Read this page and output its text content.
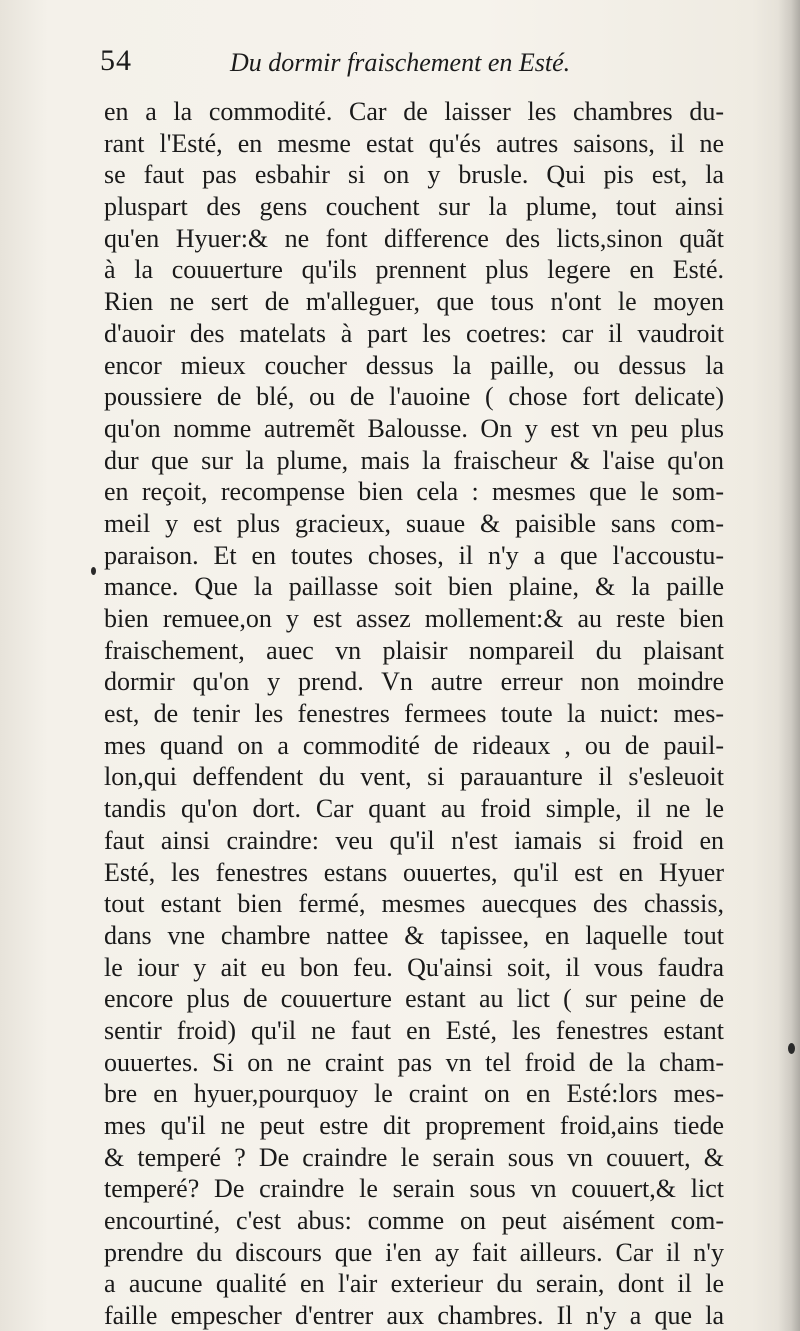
54	Du dormir fraischement en Esté.
en a la commodité. Car de laisser les chambres du-
rant l'Esté, en mesme estat qu'és autres saisons, il ne
se faut pas esbahir si on y brusle. Qui pis est, la
pluspart des gens couchent sur la plume, tout ainsi
qu'en Hyuer:& ne font difference des licts,sinon quãt
à la couuerture qu'ils prennent plus legere en Esté.
Rien ne sert de m'alleguer, que tous n'ont le moyen
d'auoir des matelats à part les coetres: car il vaudroit
encor mieux coucher dessus la paille, ou dessus la
poussiere de blé, ou de l'auoine ( chose fort delicate)
qu'on nomme autremẽt Balousse. On y est vn peu plus
dur que sur la plume, mais la fraischeur & l'aise qu'on
en reçoit, recompense bien cela : mesmes que le som-
meil y est plus gracieux, suaue & paisible sans com-
paraison. Et en toutes choses, il n'y a que l'accoustu-
mance. Que la paillasse soit bien plaine, & la paille
bien remuee,on y est assez mollement:& au reste bien
fraischement, auec vn plaisir nompareil du plaisant
dormir qu'on y prend. Vn autre erreur non moindre
est, de tenir les fenestres fermees toute la nuict: mes-
mes quand on a commodité de rideaux , ou de pauil-
lon,qui deffendent du vent, si parauanture il s'esleuoit
tandis qu'on dort. Car quant au froid simple, il ne le
faut ainsi craindre: veu qu'il n'est iamais si froid en
Esté, les fenestres estans ouuertes, qu'il est en Hyuer
tout estant bien fermé, mesmes auecques des chassis,
dans vne chambre nattee & tapissee, en laquelle tout
le iour y ait eu bon feu. Qu'ainsi soit, il vous faudra
encore plus de couuerture estant au lict ( sur peine de
sentir froid) qu'il ne faut en Esté, les fenestres estant
ouuertes. Si on ne craint pas vn tel froid de la cham-
bre en hyuer,pourquoy le craint on en Esté:lors mes-
mes qu'il ne peut estre dit proprement froid,ains tiede
& temperé ? De craindre le serain sous vn couuert, &
temperé? De craindre le serain sous vn couuert,& lict
encourtiné, c'est abus: comme on peut aisément com-
prendre du discours que i'en ay fait ailleurs. Car il n'y
a aucune qualité en l'air exterieur du serain, dont il le
faille empescher d'entrer aux chambres. Il n'y a que la
